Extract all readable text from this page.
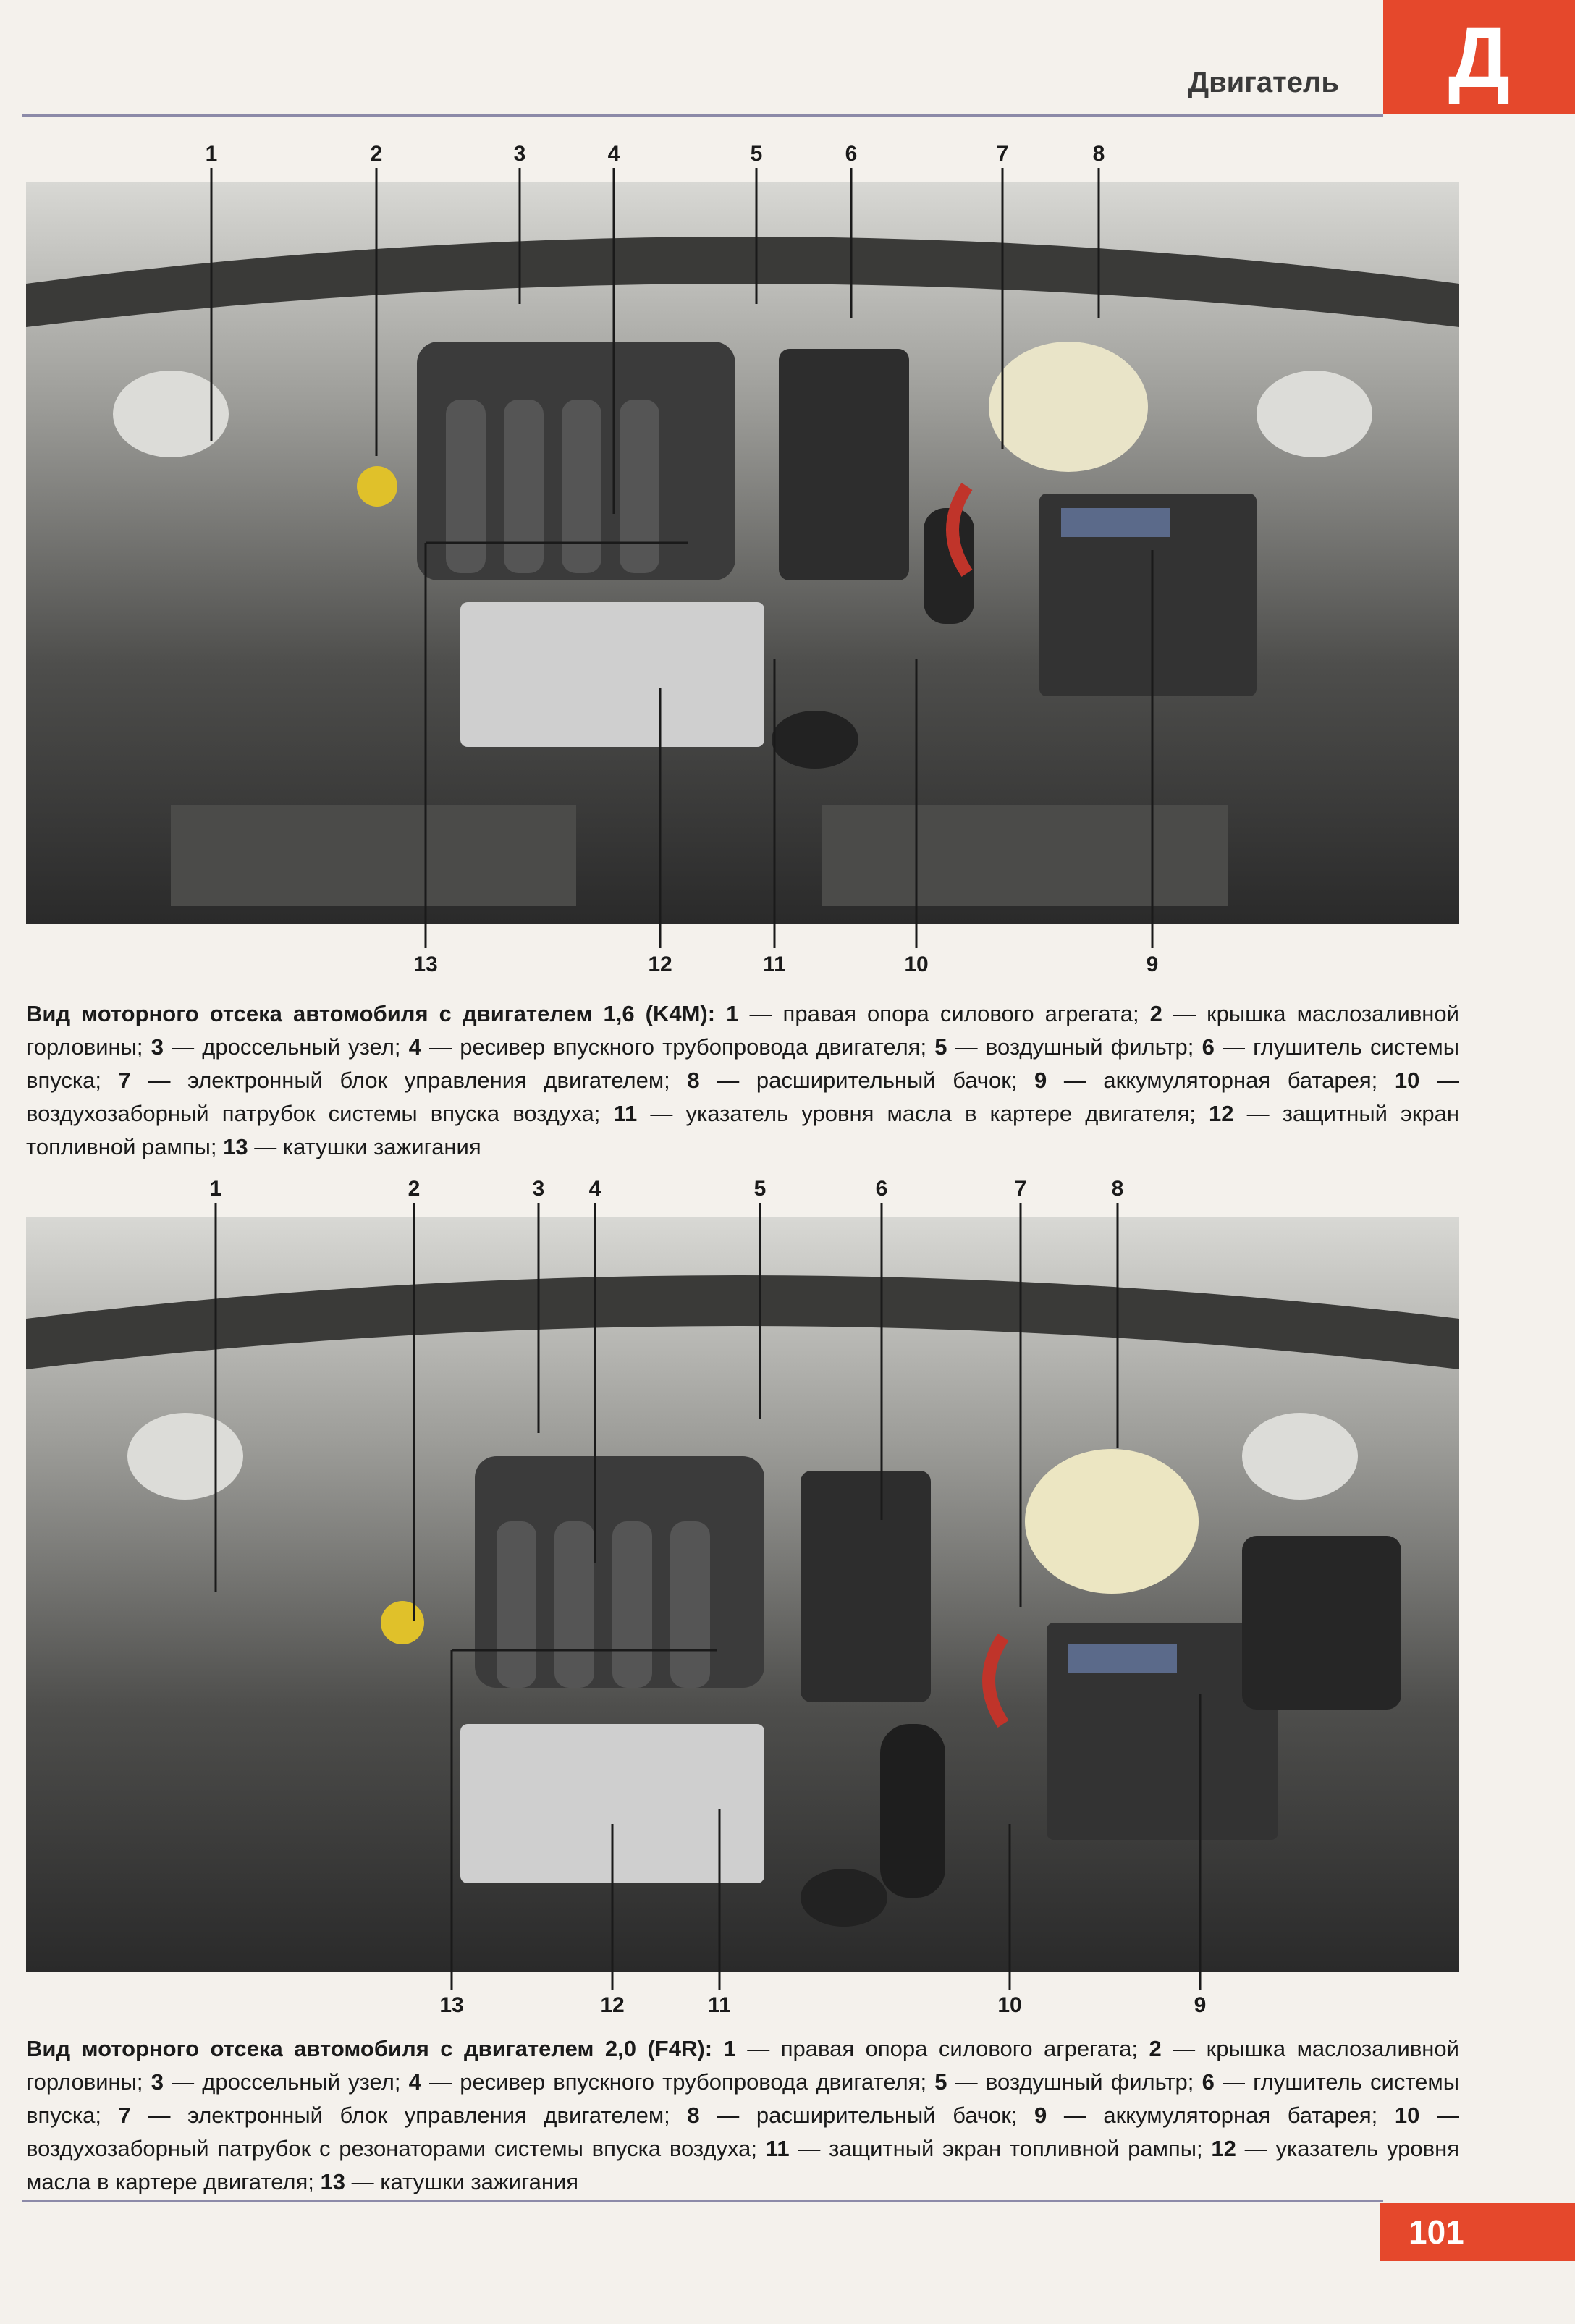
Двигатель	Д
1	2	3	4	5	6	7	8
9
10
11
12
13
Вид моторного отсека автомобиля с двигателем 1,6 (K4M): 1 — правая опора силового агрегата; 2 — крышка маслозаливной горловины; 3 — дроссельный узел; 4 — ресивер впускного трубопровода двигателя; 5 — воздушный фильтр; 6 — глушитель системы впуска; 7 — электронный блок управления двигателем; 8 — расширительный бачок; 9 — аккумуляторная батарея; 10 — воздухозаборный патрубок системы впуска воздуха; 11 — указатель уровня масла в картере двигателя; 12 — защитный экран топливной рампы; 13 — катушки зажигания
1	2	3 4	5	6	7	8
9
10
11
12
13
Вид моторного отсека автомобиля с двигателем 2,0 (F4R): 1 — правая опора силового агрегата; 2 — крышка маслозаливной горловины; 3 — дроссельный узел; 4 — ресивер впускного трубопровода двигателя; 5 — воздушный фильтр; 6 — глушитель системы впуска; 7 — электронный блок управления двигателем; 8 — расширительный бачок; 9 — аккумуляторная батарея; 10 — воздухозаборный патрубок с резонаторами системы впуска воздуха; 11 — защитный экран топливной рампы; 12 — указатель уровня масла в картере двигателя; 13 — катушки зажигания
101
